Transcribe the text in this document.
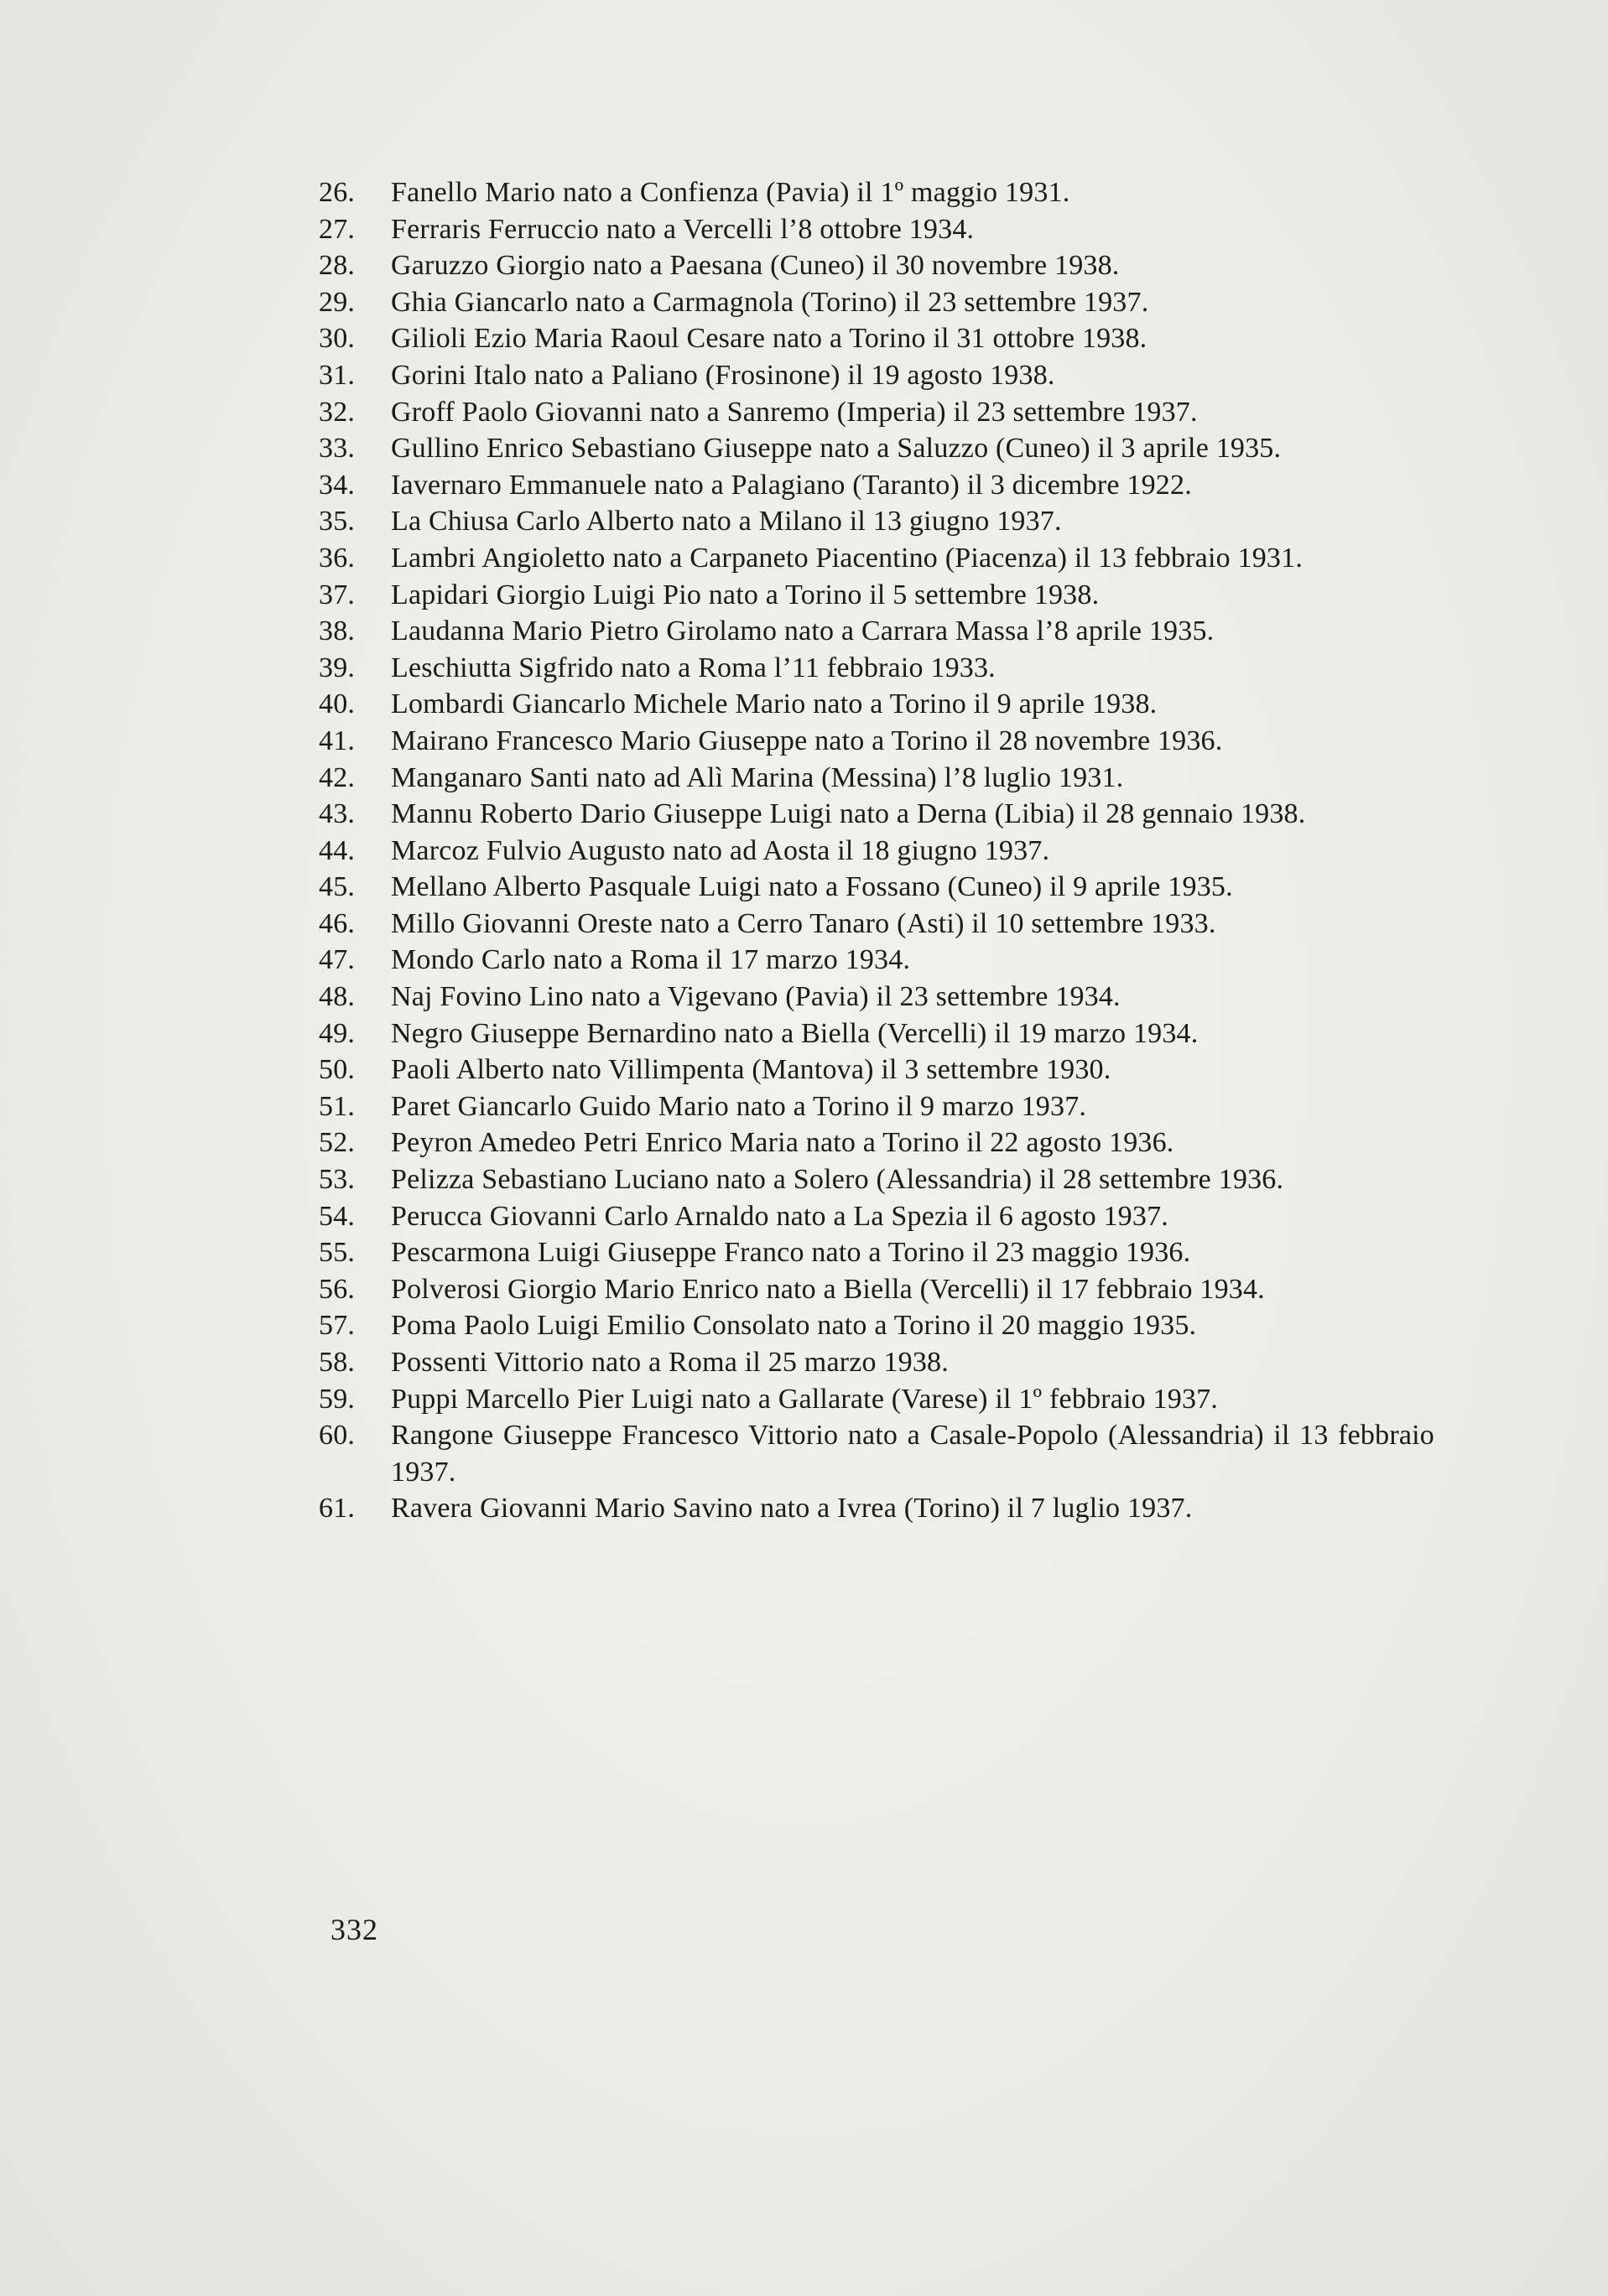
26.	Fanello Mario nato a Confienza (Pavia) il 1º maggio 1931.
27.	Ferraris Ferruccio nato a Vercelli l’8 ottobre 1934.
28.	Garuzzo Giorgio nato a Paesana (Cuneo) il 30 novembre 1938.
29.	Ghia Giancarlo nato a Carmagnola (Torino) il 23 settembre 1937.
30.	Gilioli Ezio Maria Raoul Cesare nato a Torino il 31 ottobre 1938.
31.	Gorini Italo nato a Paliano (Frosinone) il 19 agosto 1938.
32.	Groff Paolo Giovanni nato a Sanremo (Imperia) il 23 settembre 1937.
33.	Gullino Enrico Sebastiano Giuseppe nato a Saluzzo (Cuneo) il 3 aprile 1935.
34.	Iavernaro Emmanuele nato a Palagiano (Taranto) il 3 dicembre 1922.
35.	La Chiusa Carlo Alberto nato a Milano il 13 giugno 1937.
36.	Lambri Angioletto nato a Carpaneto Piacentino (Piacenza) il 13 febbraio 1931.
37.	Lapidari Giorgio Luigi Pio nato a Torino il 5 settembre 1938.
38.	Laudanna Mario Pietro Girolamo nato a Carrara Massa l’8 aprile 1935.
39.	Leschiutta Sigfrido nato a Roma l’11 febbraio 1933.
40.	Lombardi Giancarlo Michele Mario nato a Torino il 9 aprile 1938.
41.	Mairano Francesco Mario Giuseppe nato a Torino il 28 novembre 1936.
42.	Manganaro Santi nato ad Alì Marina (Messina) l’8 luglio 1931.
43.	Mannu Roberto Dario Giuseppe Luigi nato a Derna (Libia) il 28 gennaio 1938.
44.	Marcoz Fulvio Augusto nato ad Aosta il 18 giugno 1937.
45.	Mellano Alberto Pasquale Luigi nato a Fossano (Cuneo) il 9 aprile 1935.
46.	Millo Giovanni Oreste nato a Cerro Tanaro (Asti) il 10 settembre 1933.
47.	Mondo Carlo nato a Roma il 17 marzo 1934.
48.	Naj Fovino Lino nato a Vigevano (Pavia) il 23 settembre 1934.
49.	Negro Giuseppe Bernardino nato a Biella (Vercelli) il 19 marzo 1934.
50.	Paoli Alberto nato Villimpenta (Mantova) il 3 settembre 1930.
51.	Paret Giancarlo Guido Mario nato a Torino il 9 marzo 1937.
52.	Peyron Amedeo Petri Enrico Maria nato a Torino il 22 agosto 1936.
53.	Pelizza Sebastiano Luciano nato a Solero (Alessandria) il 28 settembre 1936.
54.	Perucca Giovanni Carlo Arnaldo nato a La Spezia il 6 agosto 1937.
55.	Pescarmona Luigi Giuseppe Franco nato a Torino il 23 maggio 1936.
56.	Polverosi Giorgio Mario Enrico nato a Biella (Vercelli) il 17 febbraio 1934.
57.	Poma Paolo Luigi Emilio Consolato nato a Torino il 20 maggio 1935.
58.	Possenti Vittorio nato a Roma il 25 marzo 1938.
59.	Puppi Marcello Pier Luigi nato a Gallarate (Varese) il 1º febbraio 1937.
60.	Rangone Giuseppe Francesco Vittorio nato a Casale-Popolo (Alessandria) il 13 febbraio 1937.
61.	Ravera Giovanni Mario Savino nato a Ivrea (Torino) il 7 luglio 1937.
332
